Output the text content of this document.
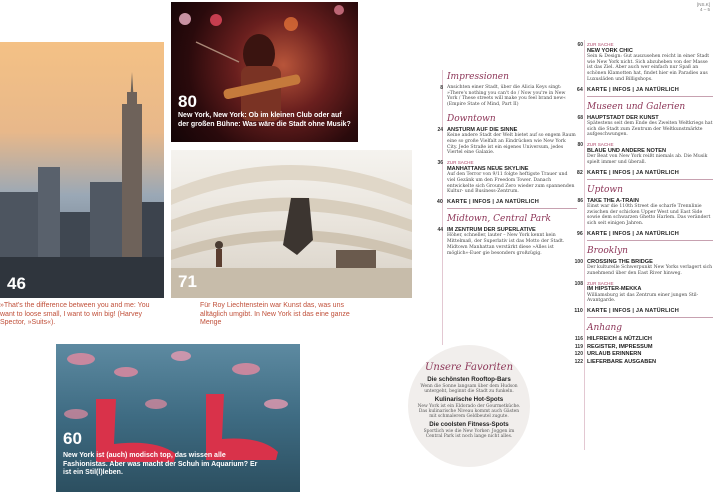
[NS.K]
4 – 5
80
New York, New York: Ob im kleinen Club oder auf der großen Bühne: Was wäre die Stadt ohne Musik?
46
»That's the difference between you and me: You want to loose small, I want to win big! (Harvey Spector, »Suits«).
71
Für Roy Liechtenstein war Kunst das, was uns alltäglich umgibt. In New York ist das eine ganze Menge
60
New York ist (auch) modisch top, das wissen alle Fashionistas. Aber was macht der Schuh im Aquarium? Er ist ein Stil(l)leben.
Unsere Favoriten
Die schönsten Rooftop-Bars
Wenn die Sonne langsam über dem Hudson untergeht, beginnt die Stadt zu funkeln.
Kulinarische Hot-Spots
New York ist ein Eldorado der Gourmetküche. Das kulinarische Niveau kommt auch Gästen mit schmalerem Geldbeutel zugute.
Die coolsten Fitness-Spots
Sportlich wie die New Yorker: Joggen im Central Park ist noch lange nicht alles.
Impressionen
8 Ansichten einer Stadt, über die Alicia Keys singt: »There's nothing you can't do / Now you're in New York / These streets will make you feel brand new« (Empire State of Mind, Part II)
Downtown
24 ANSTURM AUF DIE SINNE
Keine andere Stadt der Welt bietet auf so engem Raum eine so große Vielfalt an Eindrücken wie New York City. Jede Straße ist ein eigenes Universum, jedes Viertel eine Galaxie.
36 ZUR SACHE
MANHATTANS NEUE SKYLINE
Auf den Terror von 9/11 folgte heftigste Trauer und viel Gezänk um den Freedom Tower. Danach entwickelte sich Ground Zero wieder zum spannenden Kultur- und Business-Zentrum.
40 KARTE | INFOS | JA NATÜRLICH
Midtown, Central Park
44 IM ZENTRUM DER SUPERLATIVE
Höher, schneller, lauter – New York kennt kein Mittelmaß, der Superlativ ist das Motto der Stadt. Midtown Manhattan verstärkt diese »Alles ist möglich«-Euer gie besonders großzügig.
60 ZUR SACHE
NEW YORK CHIC
Sein & Design: Gut auszusehen reicht in einer Stadt wie New York nicht. Sich abzuheben von der Masse ist das Ziel. Aber auch wer einfach nur Spaß an schönen Klamotten hat, findet hier ein Paradies aus Luxusläden und Billigshops.
64 KARTE | INFOS | JA NATÜRLICH
Museen und Galerien
68 HAUPTSTADT DER KUNST
Spätestens seit dem Ende des Zweiten Weltkriegs hat sich die Stadt zum Zentrum der Weltkunstmärkte aufgeschwungen.
80 ZUR SACHE
BLAUE UND ANDERE NOTEN
Der Beat von New York reißt niemals ab. Die Musik spielt immer und überall.
82 KARTE | INFOS | JA NATÜRLICH
Uptown
86 TAKE THE A-TRAIN
Einst war die 110th Street die scharfe Trennlinie zwischen der schicken Upper West und East Side sowie dem schwarzen Ghetto Harlem. Das verändert sich seit einigen Jahren.
96 KARTE | INFOS | JA NATÜRLICH
Brooklyn
100 CROSSING THE BRIDGE
Der kulturelle Schwerpunkt New Yorks verlagert sich zunehmend über den East River hinweg.
108 ZUR SACHE
IM HIPSTER-MEKKA
Williamsburg ist das Zentrum einer jungen Stil-Avantgarde.
110 KARTE | INFOS | JA NATÜRLICH
Anhang
116 HILFREICH & NÜTZLICH
119 REGISTER, IMPRESSUM
120 URLAUB ERINNERN
122 LIEFERBARE AUSGABEN
